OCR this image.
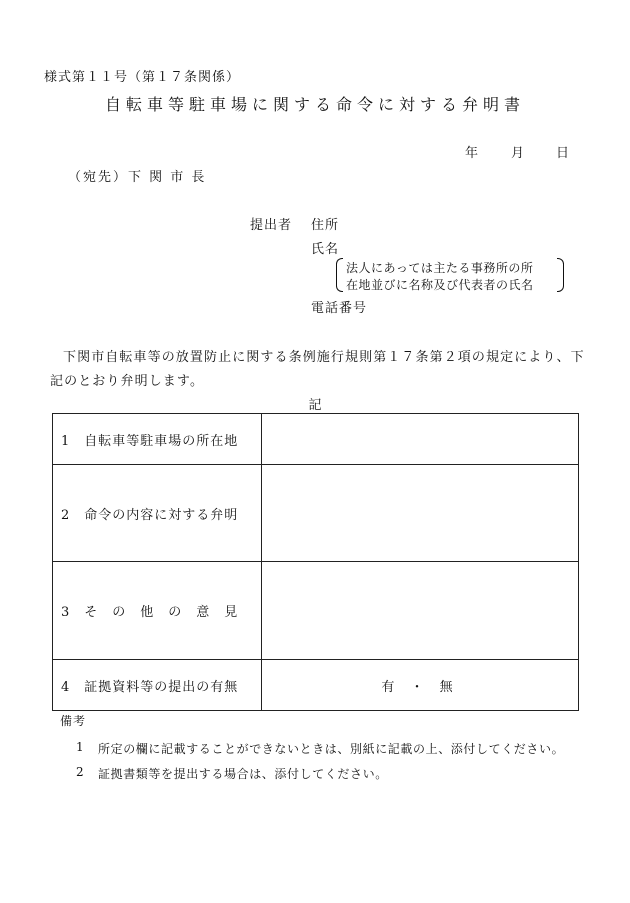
様式第１１号（第１７条関係）
自転車等駐車場に関する命令に対する弁明書
年	月 日
（宛先）下 関 市 長
提出者 住所
氏名
法人にあっては主たる事務所の所
在地並びに名称及び代表者の氏名
電話番号
下関市自転車等の放置防止に関する条例施行規則第１７条第２項の規定により、下記のとおり弁明します。
記
1　自転車等駐車場の所在地	
2　命令の内容に対する弁明	
3　そ　の　他　の　意　見	
4　証拠資料等の提出の有無	有 ・ 無
備考
1 所定の欄に記載することができないときは、別紙に記載の上、添付してください。
2 証拠書類等を提出する場合は、添付してください。
